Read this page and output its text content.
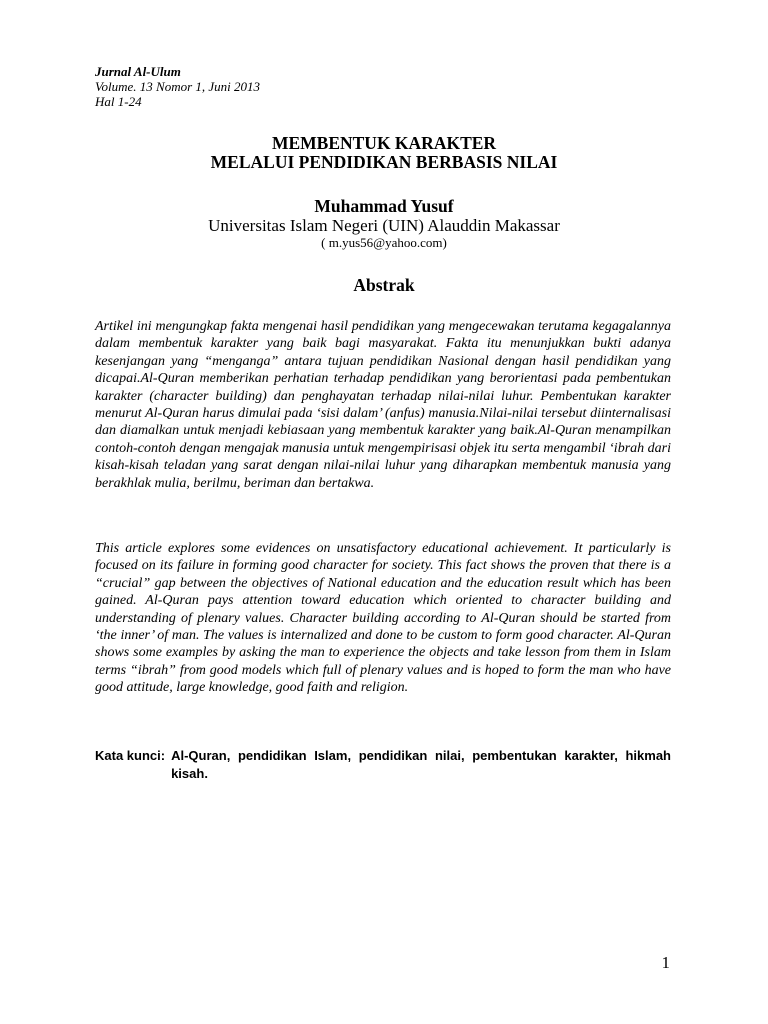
Jurnal Al-Ulum
Volume. 13 Nomor 1, Juni 2013
Hal 1-24
MEMBENTUK KARAKTER
MELALUI PENDIDIKAN BERBASIS NILAI
Muhammad Yusuf
Universitas Islam Negeri (UIN) Alauddin Makassar
( m.yus56@yahoo.com)
Abstrak

Artikel ini mengungkap fakta mengenai hasil pendidikan yang mengecewakan terutama kegagalannya dalam membentuk karakter yang baik bagi masyarakat. Fakta itu menunjukkan bukti adanya kesenjangan yang “menganga” antara tujuan pendidikan Nasional dengan hasil pendidikan yang dicapai.Al-Quran memberikan perhatian terhadap pendidikan yang berorientasi pada pembentukan karakter (character building) dan penghayatan terhadap nilai-nilai luhur. Pembentukan karakter menurut Al-Quran harus dimulai pada ‘sisi dalam’ (anfus) manusia.Nilai-nilai tersebut diinternalisasi dan diamalkan untuk menjadi kebiasaan yang membentuk karakter yang baik.Al-Quran menampilkan contoh-contoh dengan mengajak manusia untuk mengempirisasi objek itu serta mengambil ‘ibrah dari kisah-kisah teladan yang sarat dengan nilai-nilai luhur yang diharapkan membentuk manusia yang berakhlak mulia, berilmu, beriman dan bertakwa.

This article explores some evidences on unsatisfactory educational achievement. It particularly is focused on its failure in forming good character for society. This fact shows the proven that there is a “crucial” gap between the objectives of National education and the education result which has been gained. Al-Quran pays attention toward education which oriented to character building and understanding of plenary values. Character building according to Al-Quran should be started from ‘the inner’ of man. The values is internalized and done to be custom to form good character. Al-Quran shows some examples by asking the man to experience the objects and take lesson from them in Islam terms “ibrah” from good models which full of plenary values and is hoped to form the man who have good attitude, large knowledge, good faith and religion.

Kata kunci: Al-Quran, pendidikan Islam, pendidikan nilai, pembentukan karakter, hikmah kisah.
1
